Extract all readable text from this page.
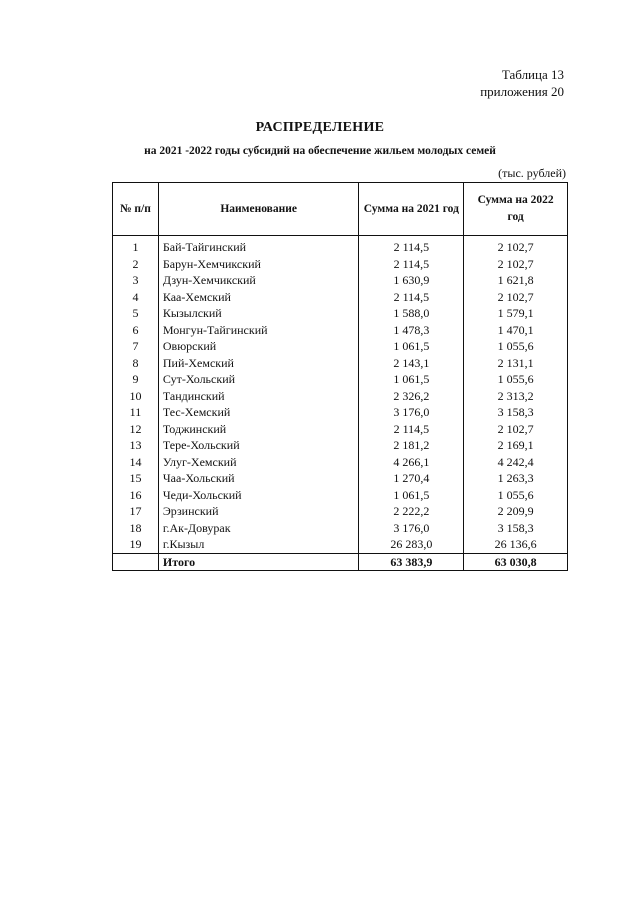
Таблица 13
приложения 20
РАСПРЕДЕЛЕНИЕ
на 2021 -2022 годы субсидий на обеспечение жильем молодых семей
(тыс. рублей)
№ п/п	Наименование	Сумма на 2021 год	Сумма на 2022 год
1	Бай-Тайгинский	2 114,5	2 102,7
2	Барун-Хемчикский	2 114,5	2 102,7
3	Дзун-Хемчикский	1 630,9	1 621,8
4	Каа-Хемский	2 114,5	2 102,7
5	Кызылский	1 588,0	1 579,1
6	Монгун-Тайгинский	1 478,3	1 470,1
7	Овюрский	1 061,5	1 055,6
8	Пий-Хемский	2 143,1	2 131,1
9	Сут-Хольский	1 061,5	1 055,6
10	Тандинский	2 326,2	2 313,2
11	Тес-Хемский	3 176,0	3 158,3
12	Тоджинский	2 114,5	2 102,7
13	Тере-Хольский	2 181,2	2 169,1
14	Улуг-Хемский	4 266,1	4 242,4
15	Чаа-Хольский	1 270,4	1 263,3
16	Чеди-Хольский	1 061,5	1 055,6
17	Эрзинский	2 222,2	2 209,9
18	г.Ак-Довурак	3 176,0	3 158,3
19	г.Кызыл	26 283,0	26 136,6
	Итого	63 383,9	63 030,8
